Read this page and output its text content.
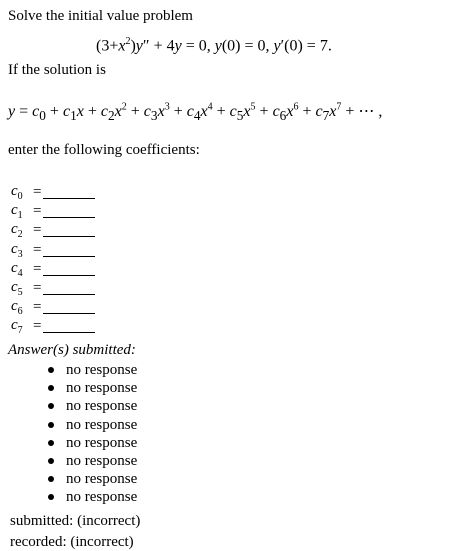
Solve the initial value problem
$(3+x^2)y'' + 4y = 0$, y(0) = 0, y′(0) = 7.
If the solution is
$y = c_0 + c_1x + c_2x^2 + c_3x^3 + c_4x^4 + c_5x^5 + c_6x^6 + c_7x^7$ + ⋯ ,
enter the following coefficients:
$c_0$ =
$c_1$ =
$c_2$ =
$c_3$ =
$c_4$ =
$c_5$ =
$c_6$ =
$c_7$ =
Answer(s) submitted:
no response
no response
no response
no response
no response
no response
no response
no response
submitted: (incorrect)
recorded: (incorrect)
